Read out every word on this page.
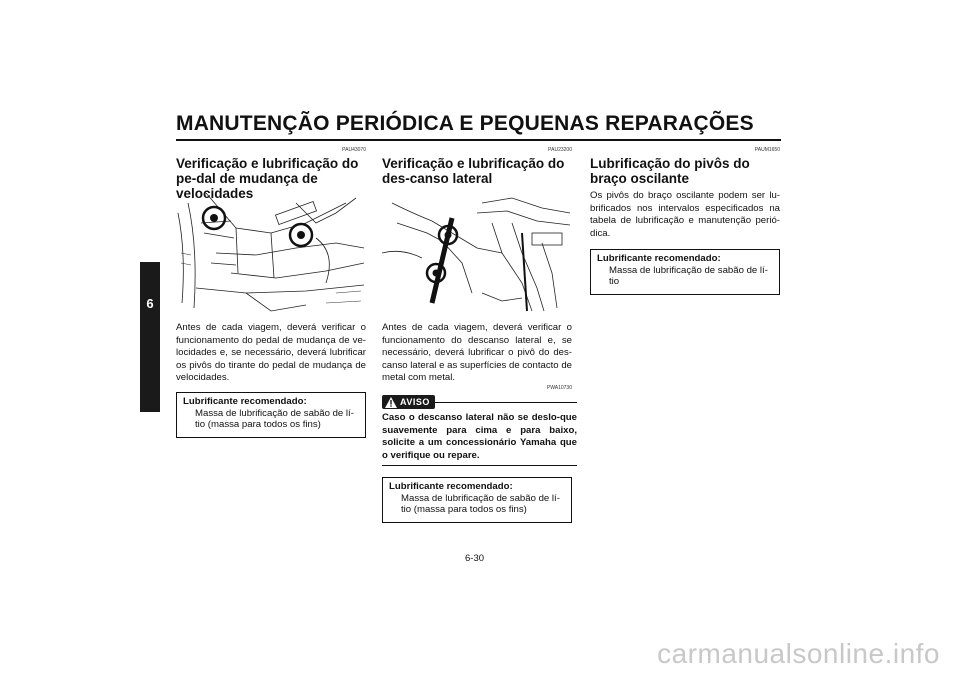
MANUTENÇÃO PERIÓDICA E PEQUENAS REPARAÇÕES
6
PAU43070
Verificação e lubrificação do pe-dal de mudança de velocidades
Antes de cada viagem, deverá verificar o funcionamento do pedal de mudança de ve-locidades e, se necessário, deverá lubrificar os pivôs do tirante do pedal de mudança de velocidades.
Lubrificante recomendado:
Massa de lubrificação de sabão de lí-tio (massa para todos os fins)
PAU23200
Verificação e lubrificação do des-canso lateral
Antes de cada viagem, deverá verificar o funcionamento do descanso lateral e, se necessário, deverá lubrificar o pivô do des-canso lateral e as superfícies de contacto de metal com metal.
PWA10730
AVISO
Caso o descanso lateral não se deslo-que suavemente para cima e para baixo, solicite a um concessionário Yamaha que o verifique ou repare.
Lubrificante recomendado:
Massa de lubrificação de sabão de lí-tio (massa para todos os fins)
PAUM1650
Lubrificação do pivôs do braço oscilante
Os pivôs do braço oscilante podem ser lu-brificados nos intervalos especificados na tabela de lubrificação e manutenção perió-dica.
Lubrificante recomendado:
Massa de lubrificação de sabão de lí-tio
6-30
carmanualsonline.info
